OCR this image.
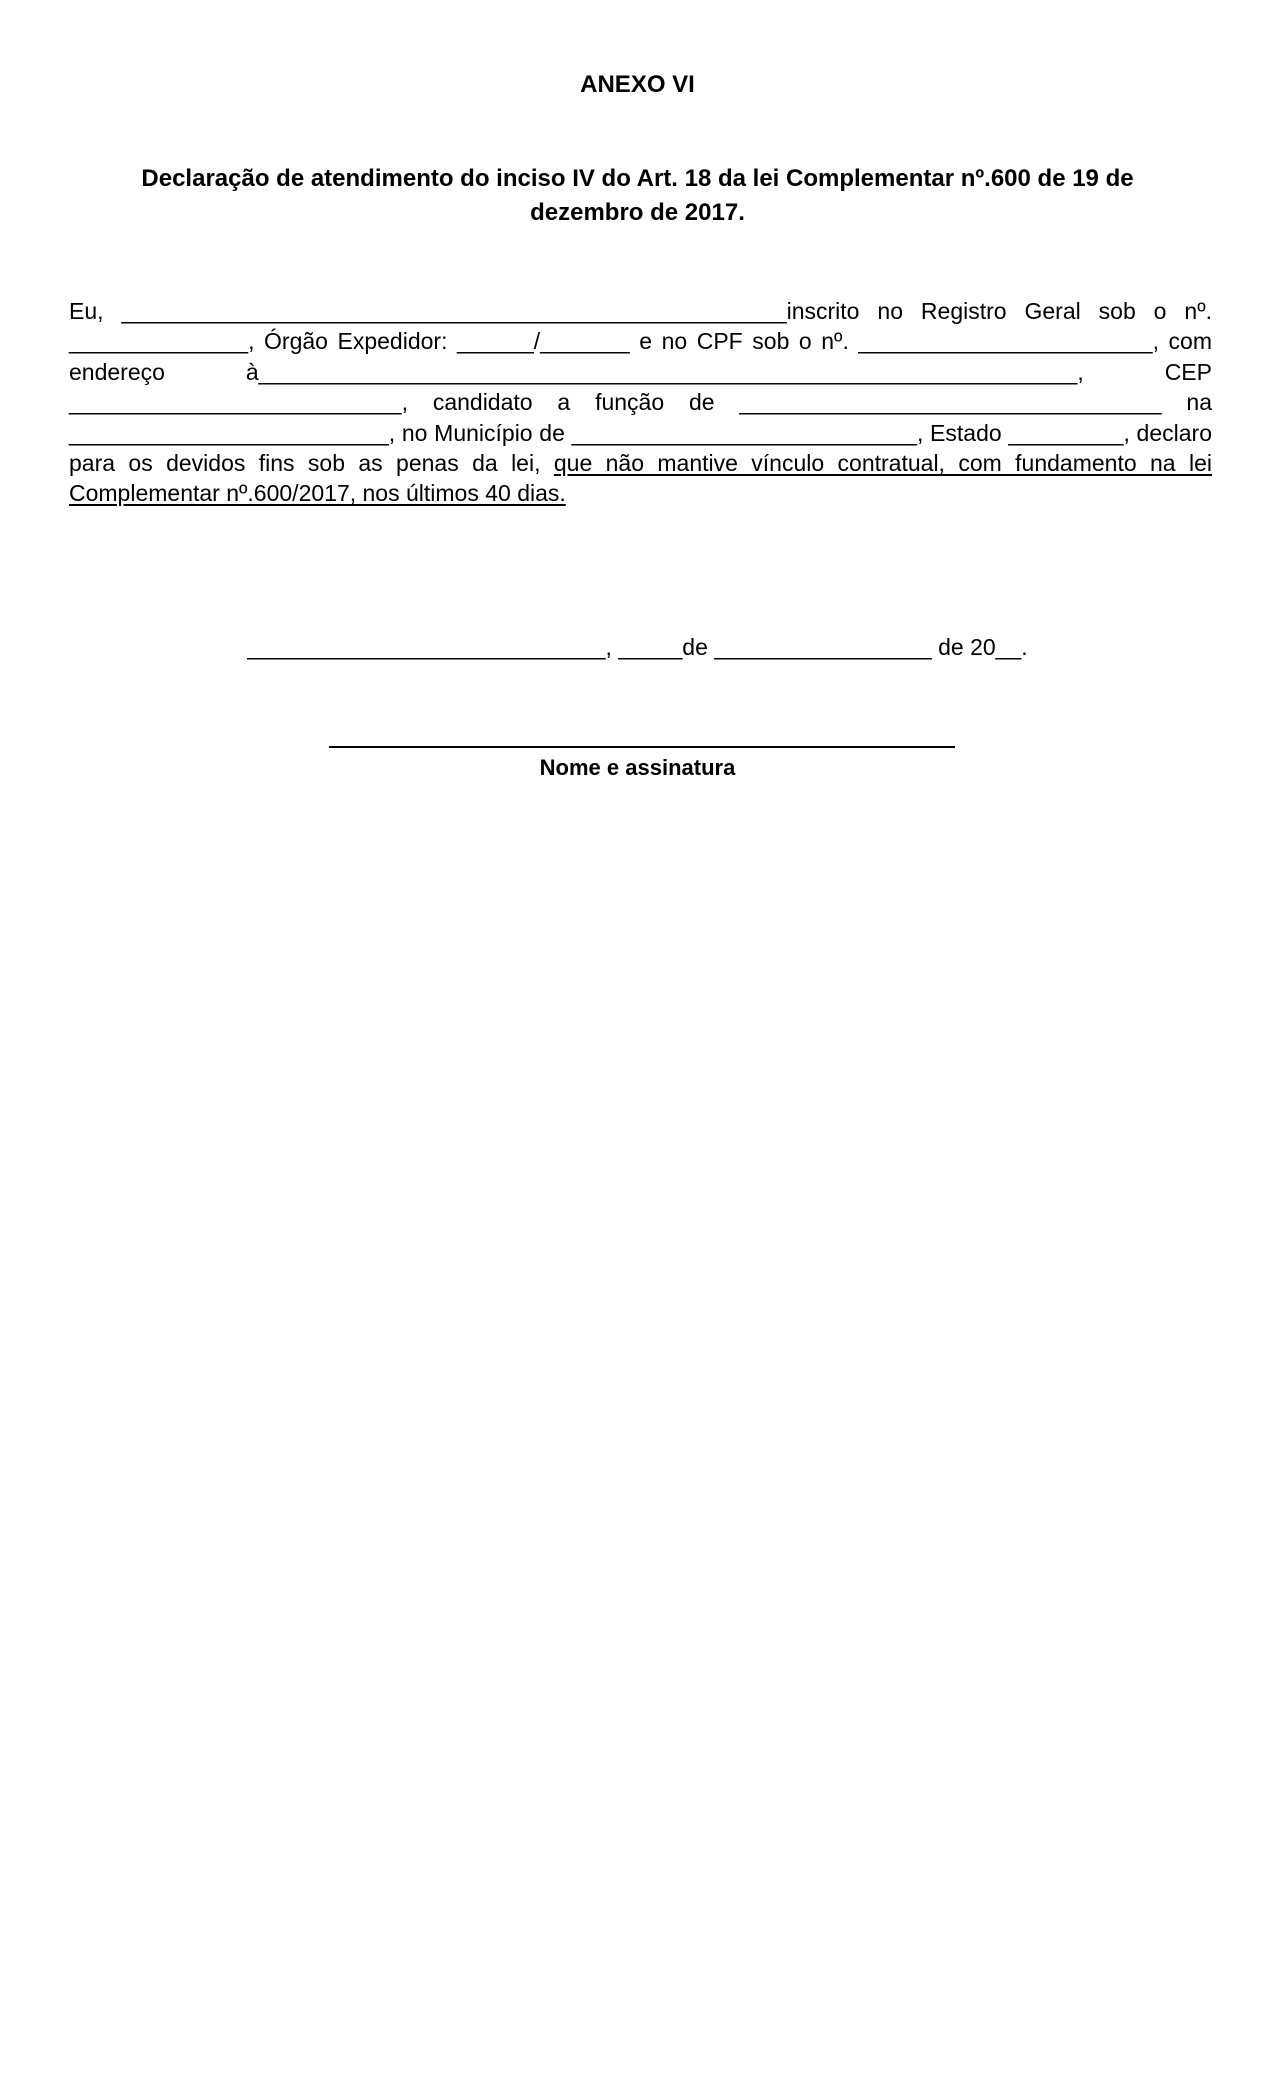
ANEXO VI
Declaração de atendimento do inciso IV do Art. 18 da lei Complementar nº.600 de 19 de dezembro de 2017.
Eu, ____________________________________________________inscrito no Registro Geral sob o nº. ______________, Órgão Expedidor: ______/_______ e no CPF sob o nº. _______________________, com endereço à________________________________________________________________, CEP __________________________, candidato a função de _________________________________ na _________________________, no Município de ___________________________, Estado _________, declaro para os devidos fins sob as penas da lei, que não mantive vínculo contratual, com fundamento na lei Complementar nº.600/2017, nos últimos 40 dias.
____________________________, _____de _________________ de 20__.
Nome e assinatura
